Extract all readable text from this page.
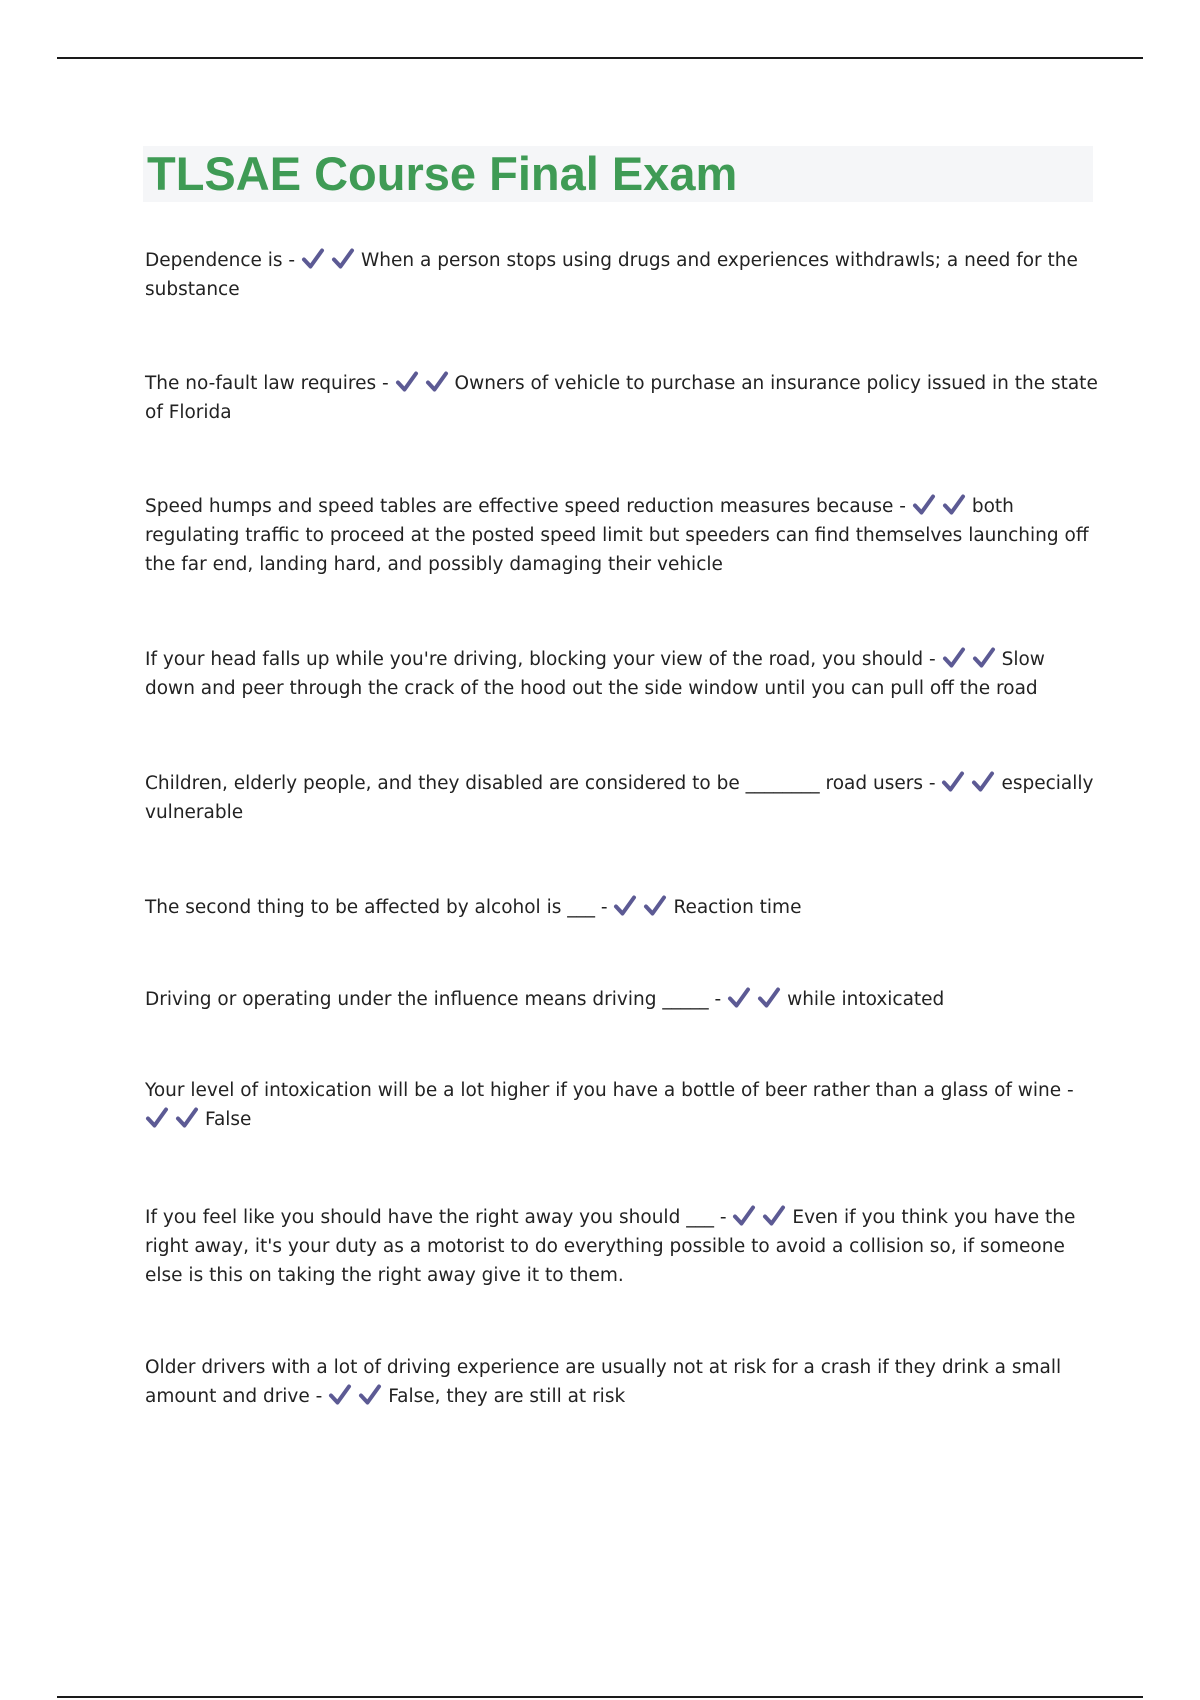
TLSAE Course Final Exam

Dependence is -	When a person stops using drugs and experiences withdrawls; a need for the substance

The no-fault law requires -	Owners of vehicle to purchase an insurance policy issued in the state of Florida

Speed humps and speed tables are effective speed reduction measures because -	both regulating traffic to proceed at the posted speed limit but speeders can find themselves launching off the far end, landing hard, and possibly damaging their vehicle

If your head falls up while you're driving, blocking your view of the road, you should -	Slow down and peer through the crack of the hood out the side window until you can pull off the road

Children, elderly people, and they disabled are considered to be ________ road users -	especially vulnerable

The second thing to be affected by alcohol is ___ -	Reaction time

Driving or operating under the influence means driving _____ -	while intoxicated

Your level of intoxication will be a lot higher if you have a bottle of beer rather than a glass of wine -
False

If you feel like you should have the right away you should ___ -	Even if you think you have the right away, it's your duty as a motorist to do everything possible to avoid a collision so, if someone else is this on taking the right away give it to them.

Older drivers with a lot of driving experience are usually not at risk for a crash if they drink a small amount and drive -	False, they are still at risk
